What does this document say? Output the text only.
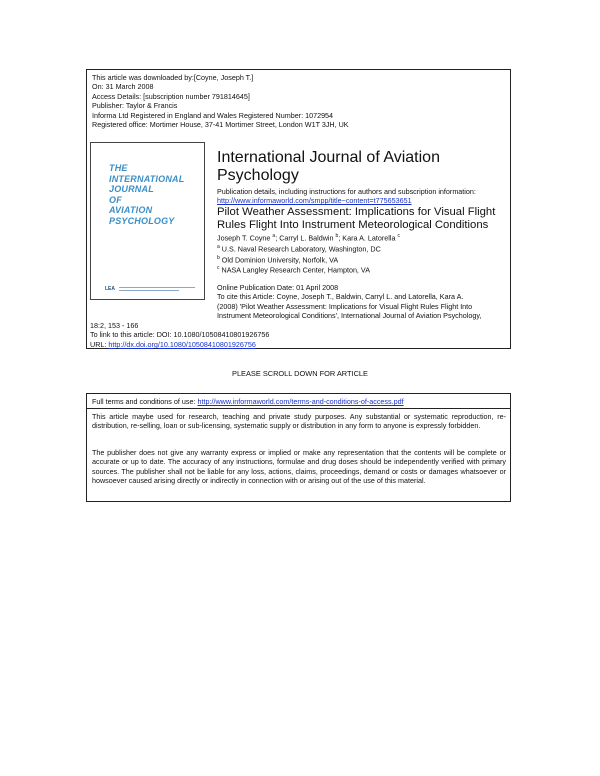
This article was downloaded by:[Coyne, Joseph T.]
On: 31 March 2008
Access Details: [subscription number 791814645]
Publisher: Taylor & Francis
Informa Ltd Registered in England and Wales Registered Number: 1072954
Registered office: Mortimer House, 37-41 Mortimer Street, London W1T 3JH, UK
THE
INTERNATIONAL
JOURNAL
OF
AVIATION
PSYCHOLOGY
LEA
International Journal of Aviation
Psychology
Publication details, including instructions for authors and subscription information:
http://www.informaworld.com/smpp/title~content=t775653651
Pilot Weather Assessment: Implications for Visual Flight
Rules Flight Into Instrument Meteorological Conditions
Joseph T. Coyne $^a$; Carryl L. Baldwin $^b$; Kara A. Latorella $^c$
$^a$ U.S. Naval Research Laboratory, Washington, DC
$^b$ Old Dominion University, Norfolk, VA
$^c$ NASA Langley Research Center, Hampton, VA
Online Publication Date: 01 April 2008
To cite this Article: Coyne, Joseph T., Baldwin, Carryl L. and Latorella, Kara A.
(2008) 'Pilot Weather Assessment: Implications for Visual Flight Rules Flight Into
Instrument Meteorological Conditions', International Journal of Aviation Psychology,
18:2, 153 - 166
To link to this article: DOI: 10.1080/10508410801926756
URL: http://dx.doi.org/10.1080/10508410801926756
PLEASE SCROLL DOWN FOR ARTICLE
Full terms and conditions of use: http://www.informaworld.com/terms-and-conditions-of-access.pdf
This article maybe used for research, teaching and private study purposes. Any substantial or systematic reproduction, re-distribution, re-selling, loan or sub-licensing, systematic supply or distribution in any form to anyone is expressly forbidden.
The publisher does not give any warranty express or implied or make any representation that the contents will be complete or accurate or up to date. The accuracy of any instructions, formulae and drug doses should be independently verified with primary sources. The publisher shall not be liable for any loss, actions, claims, proceedings, demand or costs or damages whatsoever or howsoever caused arising directly or indirectly in connection with or arising out of the use of this material.
